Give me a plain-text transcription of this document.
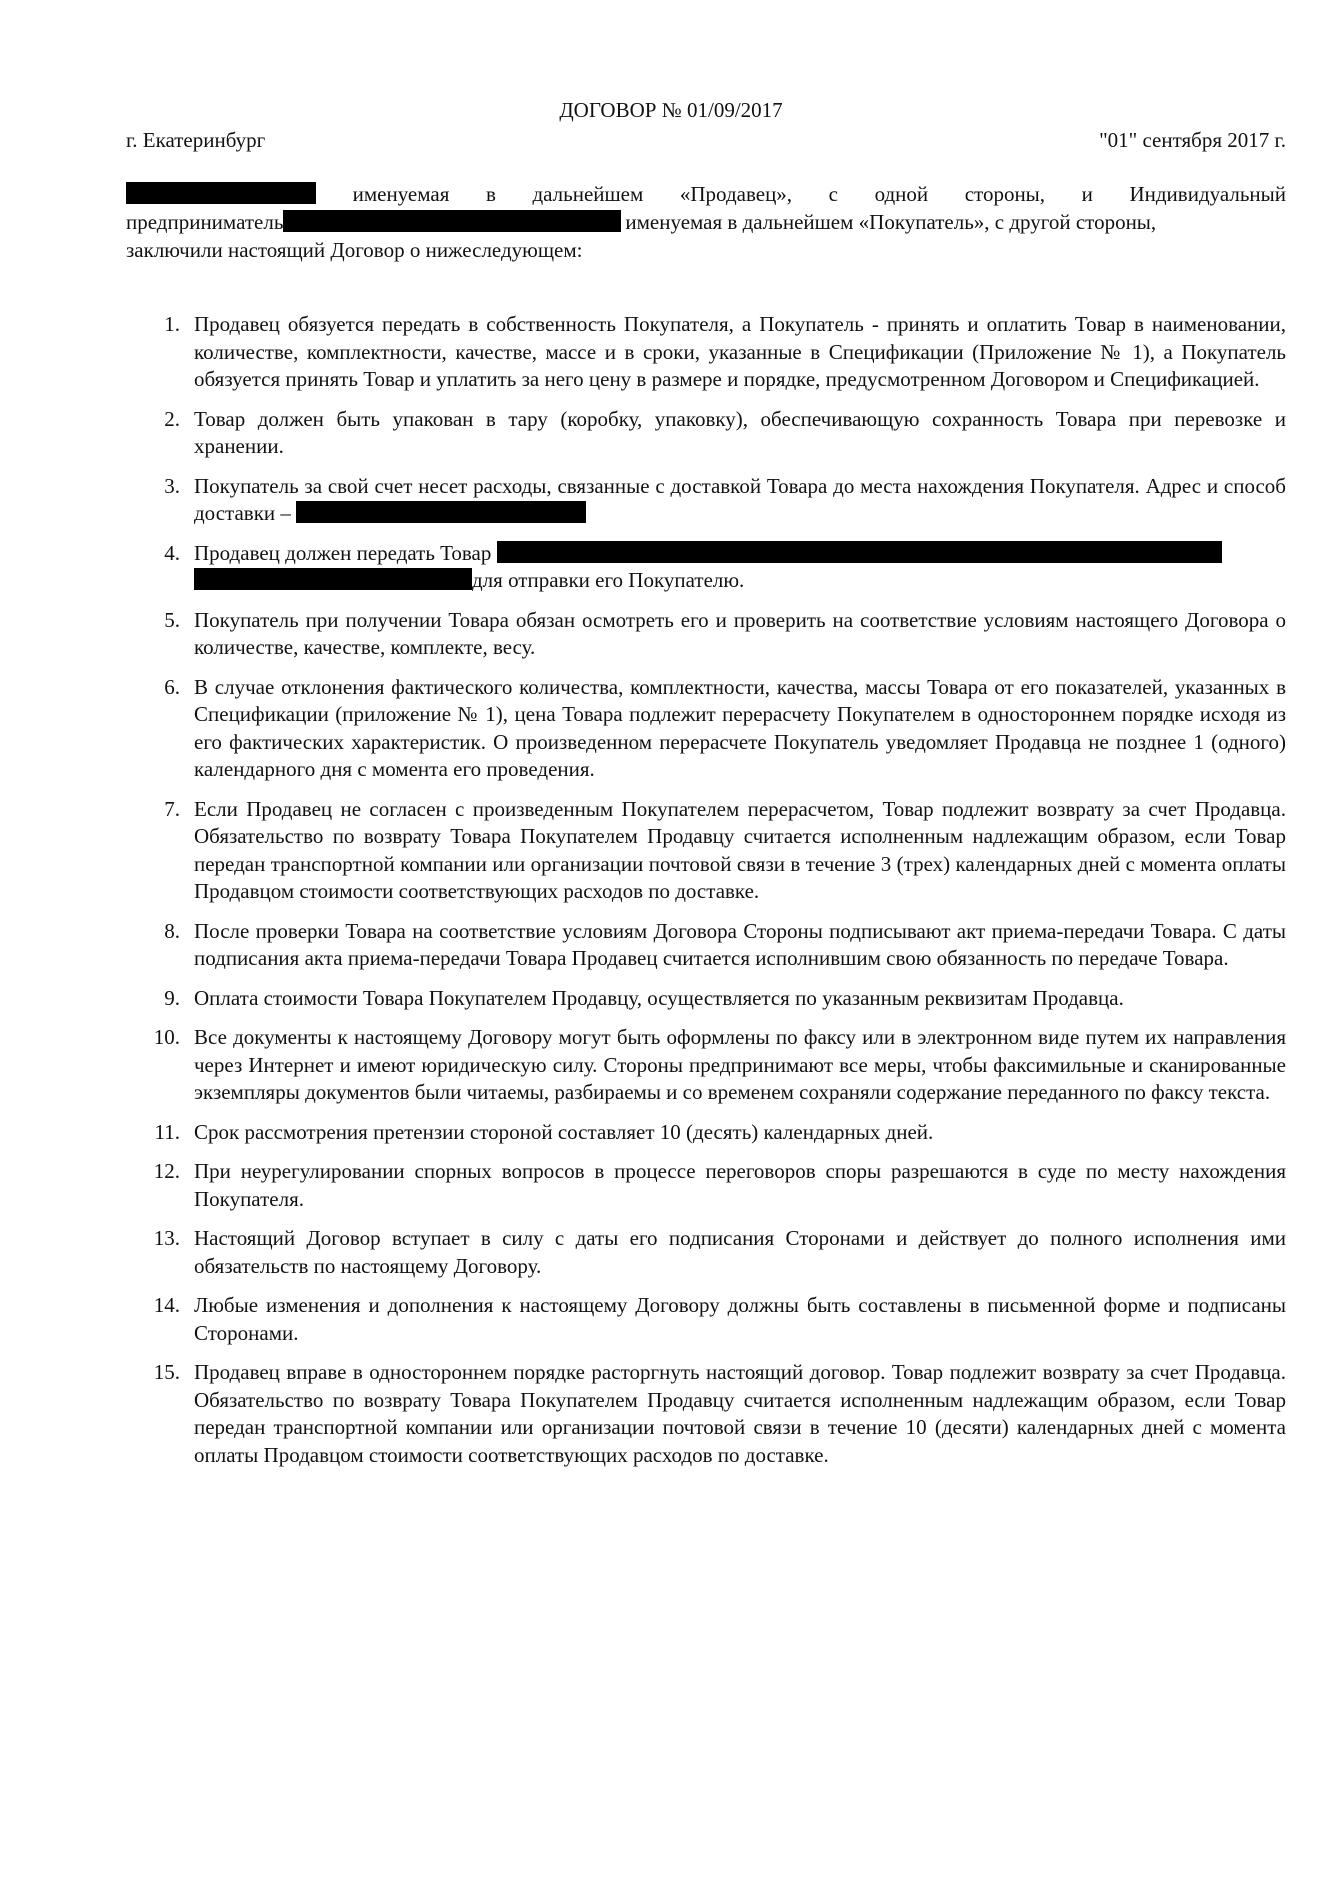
ДОГОВОР № 01/09/2017
г. Екатеринбург	"01" сентября 2017 г.
именуемая в дальнейшем «Продавец», с одной стороны, и Индивидуальный
предприниматель	именуемая в дальнейшем «Покупатель», с другой стороны,
заключили настоящий Договор о нижеследующем:
1. Продавец обязуется передать в собственность Покупателя, а Покупатель - принять и оплатить Товар в наименовании, количестве, комплектности, качестве, массе и в сроки, указанные в Спецификации (Приложение № 1), а Покупатель обязуется принять Товар и уплатить за него цену в размере и порядке, предусмотренном Договором и Спецификацией.
2. Товар должен быть упакован в тару (коробку, упаковку), обеспечивающую сохранность Товара при перевозке и хранении.
3. Покупатель за свой счет несет расходы, связанные с доставкой Товара до места нахождения Покупателя. Адрес и способ доставки –
4. Продавец должен передать Товар
для отправки его Покупателю.
5. Покупатель при получении Товара обязан осмотреть его и проверить на соответствие условиям настоящего Договора о количестве, качестве, комплекте, весу.
6. В случае отклонения фактического количества, комплектности, качества, массы Товара от его показателей, указанных в Спецификации (приложение № 1), цена Товара подлежит перерасчету Покупателем в одностороннем порядке исходя из его фактических характеристик. О произведенном перерасчете Покупатель уведомляет Продавца не позднее 1 (одного) календарного дня с момента его проведения.
7. Если Продавец не согласен с произведенным Покупателем перерасчетом, Товар подлежит возврату за счет Продавца. Обязательство по возврату Товара Покупателем Продавцу считается исполненным надлежащим образом, если Товар передан транспортной компании или организации почтовой связи в течение 3 (трех) календарных дней с момента оплаты Продавцом стоимости соответствующих расходов по доставке.
8. После проверки Товара на соответствие условиям Договора Стороны подписывают акт приема-передачи Товара. С даты подписания акта приема-передачи Товара Продавец считается исполнившим свою обязанность по передаче Товара.
9. Оплата стоимости Товара Покупателем Продавцу, осуществляется по указанным реквизитам Продавца.
10. Все документы к настоящему Договору могут быть оформлены по факсу или в электронном виде путем их направления через Интернет и имеют юридическую силу. Стороны предпринимают все меры, чтобы факсимильные и сканированные экземпляры документов были читаемы, разбираемы и со временем сохраняли содержание переданного по факсу текста.
11. Срок рассмотрения претензии стороной составляет 10 (десять) календарных дней.
12. При неурегулировании спорных вопросов в процессе переговоров споры разрешаются в суде по месту нахождения Покупателя.
13. Настоящий Договор вступает в силу с даты его подписания Сторонами и действует до полного исполнения ими обязательств по настоящему Договору.
14. Любые изменения и дополнения к настоящему Договору должны быть составлены в письменной форме и подписаны Сторонами.
15. Продавец вправе в одностороннем порядке расторгнуть настоящий договор. Товар подлежит возврату за счет Продавца. Обязательство по возврату Товара Покупателем Продавцу считается исполненным надлежащим образом, если Товар передан транспортной компании или организации почтовой связи в течение 10 (десяти) календарных дней с момента оплаты Продавцом стоимости соответствующих расходов по доставке.
